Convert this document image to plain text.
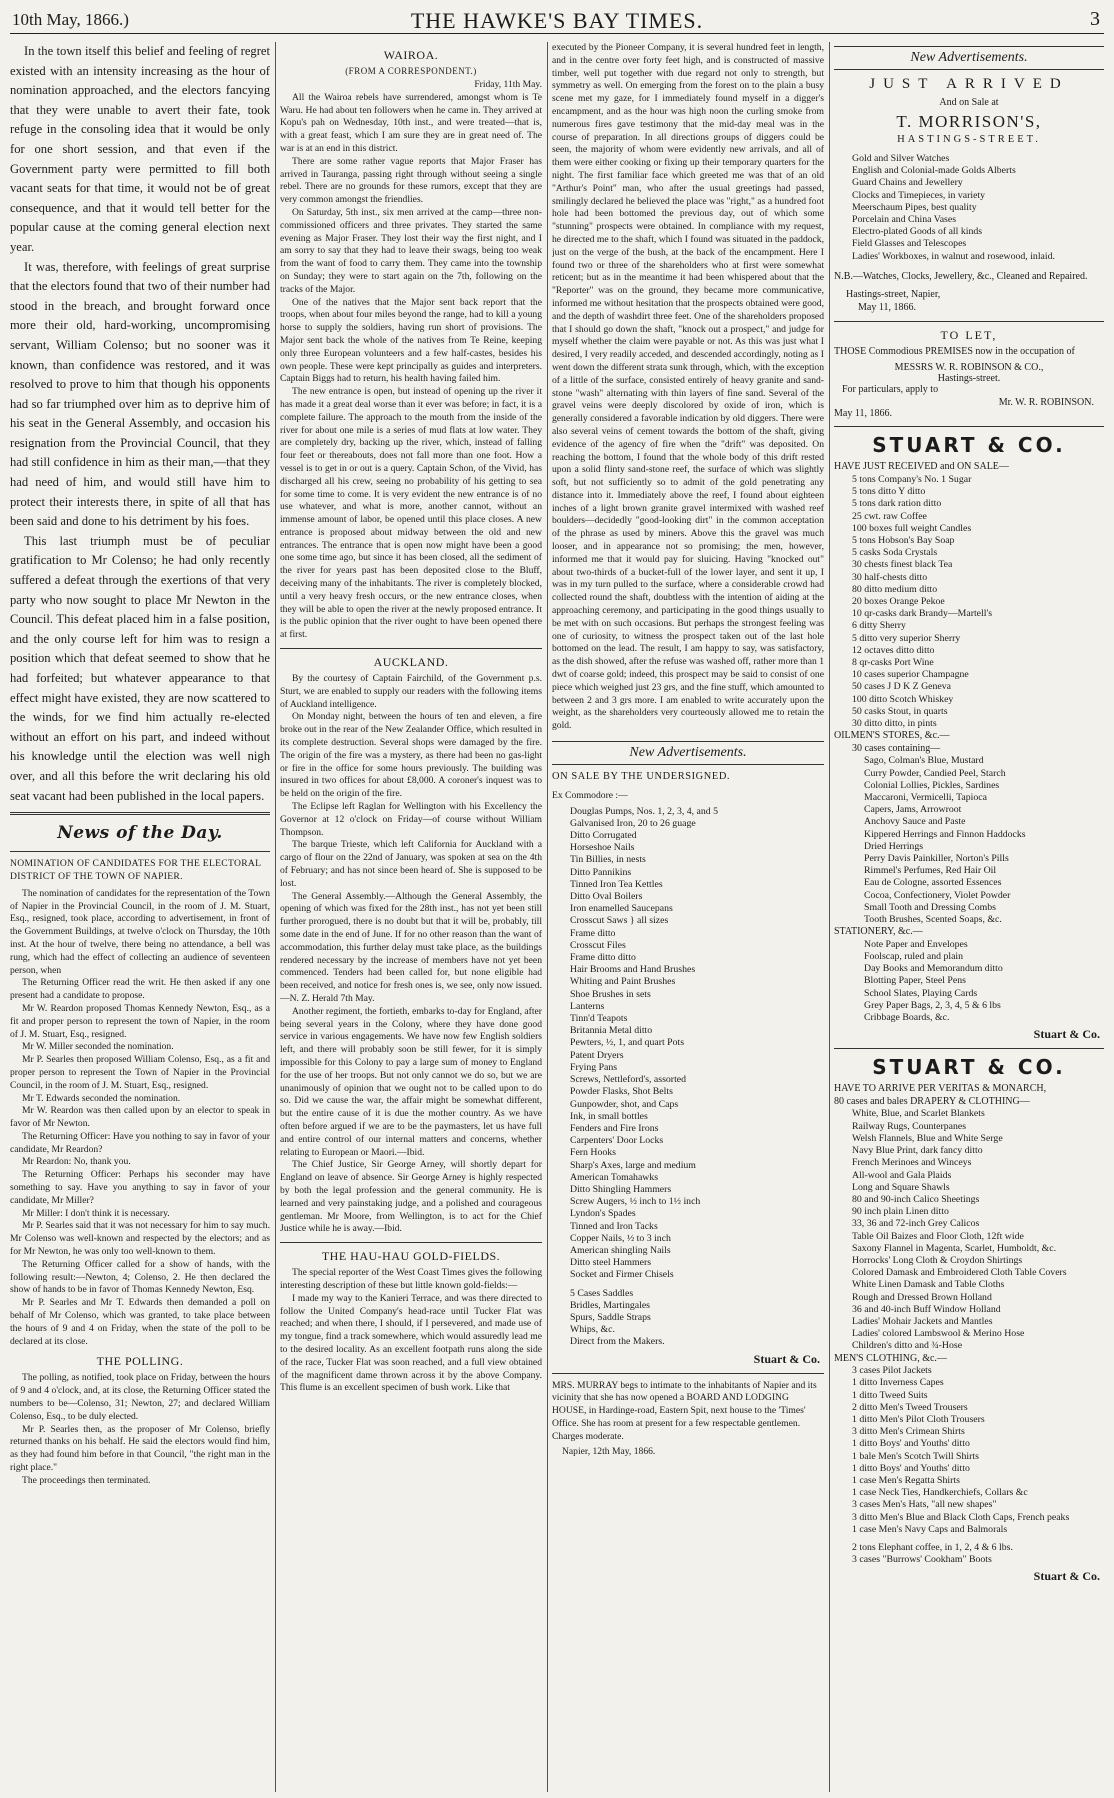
10th May, 1866.)	THE HAWKE'S BAY TIMES.	3

In the town itself this belief and feeling of regret existed with an intensity increasing as the hour of nomination approached, and the electors fancying that they were unable to avert their fate, took refuge in the consoling idea that it would be only for one short session, and that even if the Government party were permitted to fill both vacant seats for that time, it would not be of great consequence, and that it would tell better for the popular cause at the coming general election next year.

It was, therefore, with feelings of great surprise that the electors found that two of their number had stood in the breach, and brought forward once more their old, hard-working, uncompromising servant, William Colenso; but no sooner was it known, than confidence was restored, and it was resolved to prove to him that though his opponents had so far triumphed over him as to deprive him of his seat in the General Assembly, and occasion his resignation from the Provincial Council, that they had still confidence in him as their man,—that they had need of him, and would still have him to protect their interests there, in spite of all that has been said and done to his detriment by his foes.

This last triumph must be of peculiar gratification to Mr Colenso; he had only recently suffered a defeat through the exertions of that very party who now sought to place Mr Newton in the Council. This defeat placed him in a false position, and the only course left for him was to resign a position which that defeat seemed to show that he had forfeited; but whatever appearance to that effect might have existed, they are now scattered to the winds, for we find him actually re-elected without an effort on his part, and indeed without his knowledge until the election was well nigh over, and all this before the writ declaring his old seat vacant had been published in the local papers.

News of the Day.

NOMINATION OF CANDIDATES FOR THE ELECTORAL DISTRICT OF THE TOWN OF NAPIER.

The nomination of candidates for the representation of the Town of Napier in the Provincial Council, in the room of J. M. Stuart, Esq., resigned, took place, according to advertisement, in front of the Government Buildings, at twelve o'clock on Thursday, the 10th inst. At the hour of twelve, there being no attendance, a bell was rung, which had the effect of collecting an audience of seventeen person, when

The Returning Officer read the writ. He then asked if any one present had a candidate to propose.

Mr W. Reardon proposed Thomas Kennedy Newton, Esq., as a fit and proper person to represent the town of Napier, in the room of J. M. Stuart, Esq., resigned.

Mr W. Miller seconded the nomination.

Mr P. Searles then proposed William Colenso, Esq., as a fit and proper person to represent the Town of Napier in the Provincial Council, in the room of J. M. Stuart, Esq., resigned.

Mr T. Edwards seconded the nomination.

Mr W. Reardon was then called upon by an elector to speak in favor of Mr Newton.

The Returning Officer: Have you nothing to say in favor of your candidate, Mr Reardon?

Mr Reardon: No, thank you.

The Returning Officer: Perhaps his seconder may have something to say. Have you anything to say in favor of your candidate, Mr Miller?

Mr Miller: I don't think it is necessary.

Mr P. Searles said that it was not necessary for him to say much. Mr Colenso was well-known and respected by the electors; and as for Mr Newton, he was only too well-known to them.

The Returning Officer called for a show of hands, with the following result:—Newton, 4; Colenso, 2. He then declared the show of hands to be in favor of Thomas Kennedy Newton, Esq.

Mr P. Searles and Mr T. Edwards then demanded a poll on behalf of Mr Colenso, which was granted, to take place between the hours of 9 and 4 on Friday, when the state of the poll to be declared at its close.

THE POLLING.

The polling, as notified, took place on Friday, between the hours of 9 and 4 o'clock, and, at its close, the Returning Officer stated the numbers to be—Colenso, 31; Newton, 27; and declared William Colenso, Esq., to be duly elected.

Mr P. Searles then, as the proposer of Mr Colenso, briefly returned thanks on his behalf. He said the electors would find him, as they had found him before in that Council, "the right man in the right place."

The proceedings then terminated.

WAIROA.
(FROM A CORRESPONDENT.)

Friday, 11th May.

All the Wairoa rebels have surrendered, amongst whom is Te Waru. He had about ten followers when he came in. They arrived at Kopu's pah on Wednesday, 10th inst., and were treated—that is, with a great feast, which I am sure they are in great need of. The war is at an end in this district.

There are some rather vague reports that Major Fraser has arrived in Tauranga, passing right through without seeing a single rebel. There are no grounds for these rumors, except that they are very common amongst the friendlies.

On Saturday, 5th inst., six men arrived at the camp—three non-commissioned officers and three privates. They started the same evening as Major Fraser. They lost their way the first night, and I am sorry to say that they had to leave their swags, being too weak from the want of food to carry them. They came into the township on Sunday; they were to start again on the 7th, following on the tracks of the Major.

One of the natives that the Major sent back report that the troops, when about four miles beyond the range, had to kill a young horse to supply the soldiers, having run short of provisions. The Major sent back the whole of the natives from Te Reine, keeping only three European volunteers and a few half-castes, besides his own people. These were kept principally as guides and interpreters. Captain Biggs had to return, his health having failed him.

The new entrance is open, but instead of opening up the river it has made it a great deal worse than it ever was before; in fact, it is a complete failure. The approach to the mouth from the inside of the river for about one mile is a series of mud flats at low water. They are completely dry, backing up the river, which, instead of falling four feet or thereabouts, does not fall more than one foot. How a vessel is to get in or out is a query. Captain Schon, of the Vivid, has discharged all his crew, seeing no probability of his getting to sea for some time to come. It is very evident the new entrance is of no use whatever, and what is more, another cannot, without an immense amount of labor, be opened until this place closes. A new entrance is proposed about midway between the old and new entrances. The entrance that is open now might have been a good one some time ago, but since it has been closed, all the sediment of the river for years past has been deposited close to the Bluff, deceiving many of the inhabitants. The river is completely blocked, until a very heavy fresh occurs, or the new entrance closes, when they will be able to open the river at the newly proposed entrance. It is the public opinion that the river ought to have been opened there at first.

AUCKLAND.

By the courtesy of Captain Fairchild, of the Government p.s. Sturt, we are enabled to supply our readers with the following items of Auckland intelligence.

On Monday night, between the hours of ten and eleven, a fire broke out in the rear of the New Zealander Office, which resulted in its complete destruction. Several shops were damaged by the fire. The origin of the fire was a mystery, as there had been no gas-light or fire in the office for some hours previously. The building was insured in two offices for about £8,000. A coroner's inquest was to be held on the origin of the fire.

The Eclipse left Raglan for Wellington with his Excellency the Governor at 12 o'clock on Friday—of course without William Thompson.

The barque Trieste, which left California for Auckland with a cargo of flour on the 22nd of January, was spoken at sea on the 4th of February; and has not since been heard of. She is supposed to be lost.

The General Assembly.—Although the General Assembly, the opening of which was fixed for the 28th inst., has not yet been still further prorogued, there is no doubt but that it will be, probably, till some date in the end of June. If for no other reason than the want of accommodation, this further delay must take place, as the buildings rendered necessary by the increase of members have not yet been commenced. Tenders had been called for, but none eligible had been received, and notice for fresh ones is, we see, only now issued.—N. Z. Herald 7th May.

Another regiment, the fortieth, embarks to-day for England, after being several years in the Colony, where they have done good service in various engagements. We have now few English soldiers left, and there will probably soon be still fewer, for it is simply impossible for this Colony to pay a large sum of money to England for the use of her troops. But not only cannot we do so, but we are unanimously of opinion that we ought not to be called upon to do so. Did we cause the war, the affair might be somewhat different, but the entire cause of it is due the mother country. As we have often before argued if we are to be the paymasters, let us have full and entire control of our internal matters and concerns, whether relating to European or Maori.—Ibid.

The Chief Justice, Sir George Arney, will shortly depart for England on leave of absence. Sir George Arney is highly respected by both the legal profession and the general community. He is learned and very painstaking judge, and a polished and courageous gentleman. Mr Moore, from Wellington, is to act for the Chief Justice while he is away.—Ibid.

THE HAU-HAU GOLD-FIELDS.

The special reporter of the West Coast Times gives the following interesting description of these but little known gold-fields:—

I made my way to the Kanieri Terrace, and was there directed to follow the United Company's head-race until Tucker Flat was reached; and when there, I should, if I persevered, and made use of my tongue, find a track somewhere, which would assuredly lead me to the desired locality. As an excellent footpath runs along the side of the race, Tucker Flat was soon reached, and a full view obtained of the magnificent dame thrown across it by the above Company. This flume is an excellent specimen of bush work. Like that

executed by the Pioneer Company, it is several hundred feet in length, and in the centre over forty feet high, and is constructed of massive timber, well put together with due regard not only to strength, but symmetry as well. On emerging from the forest on to the plain a busy scene met my gaze, for I immediately found myself in a digger's encampment, and as the hour was high noon the curling smoke from numerous fires gave testimony that the mid-day meal was in the course of preparation. In all directions groups of diggers could be seen, the majority of whom were evidently new arrivals, and all of them were either cooking or fixing up their temporary quarters for the night. The first familiar face which greeted me was that of an old "Arthur's Point" man, who after the usual greetings had passed, smilingly declared he believed the place was "right," as a hundred foot hole had been bottomed the previous day, out of which some "stunning" prospects were obtained. In compliance with my request, he directed me to the shaft, which I found was situated in the paddock, just on the verge of the bush, at the back of the encampment. Here I found two or three of the shareholders who at first were somewhat reticent; but as in the meantime it had been whispered about that the "Reporter" was on the ground, they became more communicative, informed me without hesitation that the prospects obtained were good, and the depth of washdirt three feet. One of the shareholders proposed that I should go down the shaft, "knock out a prospect," and judge for myself whether the claim were payable or not. As this was just what I desired, I very readily acceded, and descended accordingly, noting as I went down the different strata sunk through, which, with the exception of a little of the surface, consisted entirely of heavy granite and sand-stone "wash" alternating with thin layers of fine sand. Several of the gravel veins were deeply discolored by oxide of iron, which is generally considered a favorable indication by old diggers. There were also several veins of cement towards the bottom of the shaft, giving evidence of the agency of fire when the "drift" was deposited. On reaching the bottom, I found that the whole body of this drift rested upon a solid flinty sand-stone reef, the surface of which was slightly soft, but not sufficiently so to admit of the gold penetrating any distance into it. Immediately above the reef, I found about eighteen inches of a light brown granite gravel intermixed with washed reef boulders—decidedly "good-looking dirt" in the common acceptation of the phrase as used by miners. Above this the gravel was much looser, and in appearance not so promising; the men, however, informed me that it would pay for sluicing. Having "knocked out" about two-thirds of a bucket-full of the lower layer, and sent it up, I was in my turn pulled to the surface, where a considerable crowd had collected round the shaft, doubtless with the intention of aiding at the approaching ceremony, and participating in the good things usually to be met with on such occasions. But perhaps the strongest feeling was one of curiosity, to witness the prospect taken out of the last hole bottomed on the lead. The result, I am happy to say, was satisfactory, as the dish showed, after the refuse was washed off, rather more than 1 dwt of coarse gold; indeed, this prospect may be said to consist of one piece which weighed just 23 grs, and the fine stuff, which amounted to between 2 and 3 grs more. I am enabled to write accurately upon the weight, as the shareholders very courteously allowed me to retain the gold.

New Advertisements.

ON SALE BY THE UNDERSIGNED.

Ex Commodore :—

Douglas Pumps, Nos. 1, 2, 3, 4, and 5
Galvanised Iron, 20 to 26 guage
Ditto Corrugated
Horseshoe Nails
Tin Billies, in nests
Ditto Pannikins
Tinned Iron Tea Kettles
Ditto Oval Boilers
Iron enamelled Saucepans
Crosscut Saws } all sizes
Frame ditto
Crosscut Files
Frame ditto ditto
Hair Brooms and Hand Brushes
Whiting and Paint Brushes
Shoe Brushes in sets
Lanterns
Tinn'd Teapots
Britannia Metal ditto
Pewters, ½, 1, and quart Pots
Patent Dryers
Frying Pans
Screws, Nettleford's, assorted
Powder Flasks, Shot Belts
Gunpowder, shot, and Caps
Ink, in small bottles
Fenders and Fire Irons
Carpenters' Door Locks
Fern Hooks
Sharp's Axes, large and medium
American Tomahawks
Ditto Shingling Hammers
Screw Augers, ½ inch to 1½ inch
Lyndon's Spades
Tinned and Iron Tacks
Copper Nails, ½ to 3 inch
American shingling Nails
Ditto steel Hammers
Socket and Firmer Chisels
5 Cases Saddles
Bridles, Martingales
Spurs, Saddle Straps
Whips, &c.
Direct from the Makers.
Stuart & Co.

MRS. MURRAY begs to intimate to the inhabitants of Napier and its vicinity that she has now opened a BOARD AND LODGING HOUSE, in Hardinge-road, Eastern Spit, next house to the 'Times' Office. She has room at present for a few respectable gentlemen. Charges moderate.

Napier, 12th May, 1866.

New Advertisements.
JUST ARRIVED
And on Sale at
T. MORRISON'S,
HASTINGS-STREET.
Gold and Silver Watches
English and Colonial-made Golds Alberts
Guard Chains and Jewellery
Clocks and Timepieces, in variety
Meerschaum Pipes, best quality
Porcelain and China Vases
Electro-plated Goods of all kinds
Field Glasses and Telescopes
Ladies' Workboxes, in walnut and rosewood, inlaid.

N.B.—Watches, Clocks, Jewellery, &c., Cleaned and Repaired.

Hastings-street, Napier,

May 11, 1866.

TO LET,

THOSE Commodious PREMISES now in the occupation of

MESSRS W. R. ROBINSON & CO.,
Hastings-street.

For particulars, apply to

Mr. W. R. ROBINSON.

May 11, 1866.

STUART & CO.

HAVE JUST RECEIVED and ON SALE—

5 tons Company's No. 1 Sugar
5 tons ditto Y ditto
5 tons dark ration ditto
25 cwt. raw Coffee
100 boxes full weight Candles
5 tons Hobson's Bay Soap
5 casks Soda Crystals
30 chests finest black Tea
30 half-chests ditto
80 ditto medium ditto
20 boxes Orange Pekoe
10 qr-casks dark Brandy—Martell's
6 ditty Sherry
5 ditto very superior Sherry
12 octaves ditto ditto
8 qr-casks Port Wine
10 cases superior Champagne
50 cases J D K Z Geneva
100 ditto Scotch Whiskey
50 casks Stout, in quarts
30 ditto ditto, in pints

OILMEN'S STORES, &c.—

30 cases containing—

Sago, Colman's Blue, Mustard
Curry Powder, Candied Peel, Starch
Colonial Lollies, Pickles, Sardines
Maccaroni, Vermicelli, Tapioca
Capers, Jams, Arrowroot
Anchovy Sauce and Paste
Kippered Herrings and Finnon Haddocks
Dried Herrings
Perry Davis Painkiller, Norton's Pills
Rimmel's Perfumes, Red Hair Oil
Eau de Cologne, assorted Essences
Cocoa, Confectionery, Violet Powder
Small Tooth and Dressing Combs
Tooth Brushes, Scented Soaps, &c.

STATIONERY, &c.—

Note Paper and Envelopes
Foolscap, ruled and plain
Day Books and Memorandum ditto
Blotting Paper, Steel Pens
School Slates, Playing Cards
Grey Paper Bags, 2, 3, 4, 5 & 6 lbs
Cribbage Boards, &c.
Stuart & Co.
STUART & CO.

HAVE TO ARRIVE PER VERITAS & MONARCH,

80 cases and bales DRAPERY & CLOTHING—

White, Blue, and Scarlet Blankets
Railway Rugs, Counterpanes
Welsh Flannels, Blue and White Serge
Navy Blue Print, dark fancy ditto
French Merinoes and Winceys
All-wool and Gala Plaids
Long and Square Shawls
80 and 90-inch Calico Sheetings
90 inch plain Linen ditto
33, 36 and 72-inch Grey Calicos
Table Oil Baizes and Floor Cloth, 12ft wide
Saxony Flannel in Magenta, Scarlet, Humboldt, &c.
Horrocks' Long Cloth & Croydon Shirtings
Colored Damask and Embroidered Cloth Table Covers
White Linen Damask and Table Cloths
Rough and Dressed Brown Holland
36 and 40-inch Buff Window Holland
Ladies' Mohair Jackets and Mantles
Ladies' colored Lambswool & Merino Hose
Children's ditto and ¾-Hose

MEN'S CLOTHING, &c.—

3 cases Pilot Jackets
1 ditto Inverness Capes
1 ditto Tweed Suits
2 ditto Men's Tweed Trousers
1 ditto Men's Pilot Cloth Trousers
3 ditto Men's Crimean Shirts
1 ditto Boys' and Youths' ditto
1 bale Men's Scotch Twill Shirts
1 ditto Boys' and Youths' ditto
1 case Men's Regatta Shirts
1 case Neck Ties, Handkerchiefs, Collars &c
3 cases Men's Hats, "all new shapes"
3 ditto Men's Blue and Black Cloth Caps, French peaks
1 case Men's Navy Caps and Balmorals
2 tons Elephant coffee, in 1, 2, 4 & 6 lbs.
3 cases "Burrows' Cookham" Boots
Stuart & Co.
